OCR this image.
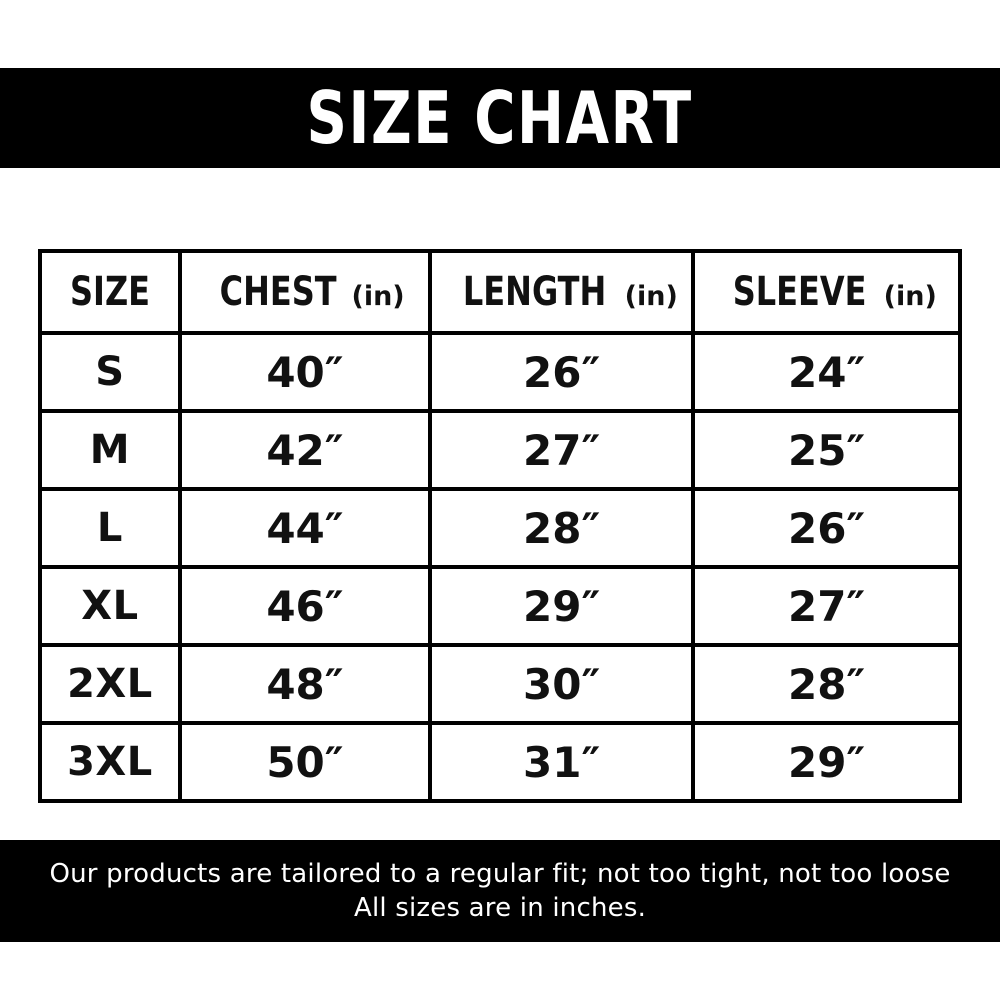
SIZE CHART
SIZE	CHEST (in)	LENGTH (in)	SLEEVE (in)
S	40″	26″	24″
M	42″	27″	25″
L	44″	28″	26″
XL	46″	29″	27″
2XL	48″	30″	28″
3XL	50″	31″	29″
Our products are tailored to a regular fit; not too tight, not too loose
All sizes are in inches.
